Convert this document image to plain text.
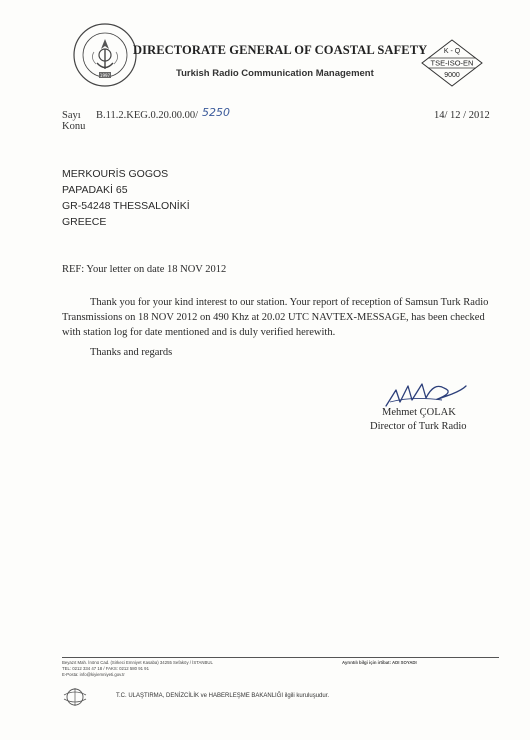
1997
DIRECTORATE GENERAL OF COASTAL SAFETY
Turkish Radio Communication Management
K - Q
TSE-ISO-EN
9000
Sayı B.11.2.KEG.0.20.00.00/ 5250
Konu
14/ 12 / 2012
MERKOURİS GOGOS
PAPADAKİ 65
GR-54248 THESSALONİKİ
GREECE
REF: Your letter on date 18 NOV 2012
Thank you for your kind interest to our station. Your report of reception of Samsun Turk Radio Transmissions on 18 NOV 2012 on 490 Khz at 20.02 UTC NAVTEX-MESSAGE, has been checked with station log for date mentioned and is duly verified herewith.
Thanks and regards
Mehmet ÇOLAK
Director of Turk Radio
Beyazıt Mah. İnönü Cad. (Sirkeci Emniyet Kasaba) 34255 Sefaköy / İSTANBUL
TEL: 0212 334 47 18 / FAKS: 0212 580 91 91
E-Posta: info@kiyiemniyeti.gov.tr
Ayrıntılı bilgi için irtibat: ADI SOYADI
T.C. ULAŞTIRMA, DENİZCİLİK ve HABERLEŞME BAKANLIĞI ilgili kuruluşudur.
